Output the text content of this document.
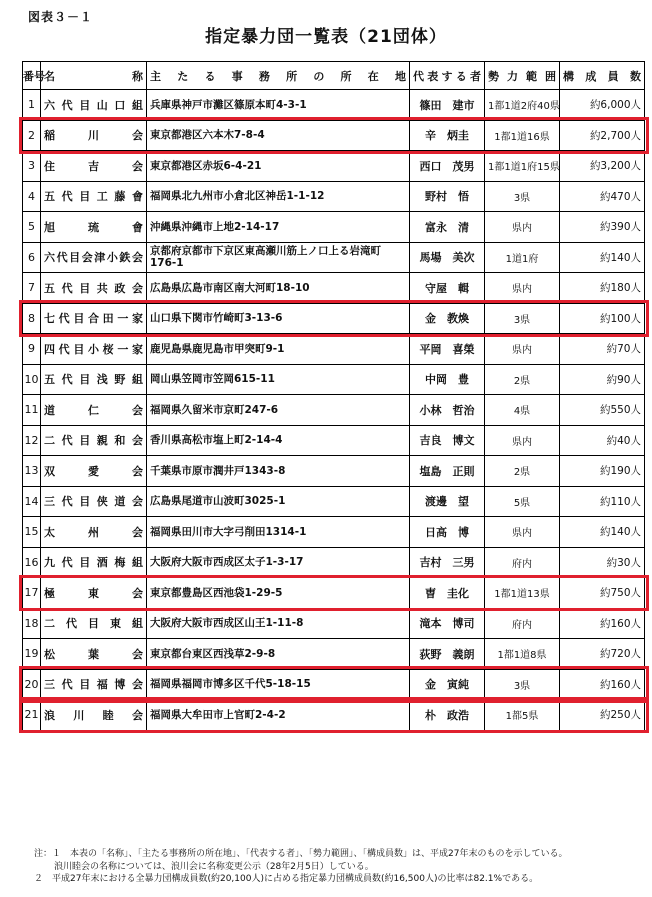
図表３－１
指定暴力団一覧表（21団体）
番号	名称	主たる事務所の所在地	代表する者	勢力範囲	構成員数
1	六代目山口組	兵庫県神戸市灘区篠原本町4-3-1	篠田　建市	1都1道2府40県	約6,000人
2	稲川会	東京都港区六本木7-8-4	辛　炳圭	1都1道16県	約2,700人
3	住吉会	東京都港区赤坂6-4-21	西口　茂男	1都1道1府15県	約3,200人
4	五代目工藤會	福岡県北九州市小倉北区神岳1-1-12	野村　悟	3県	約470人
5	旭琉會	沖縄県沖縄市上地2-14-17	富永　清	県内	約390人
6	六代目会津小鉄会	京都府京都市下京区東高瀬川筋上ノ口上る岩滝町176-1	馬場　美次	1道1府	約140人
7	五代目共政会	広島県広島市南区南大河町18-10	守屋　輯	県内	約180人
8	七代目合田一家	山口県下関市竹崎町3-13-6	金　教煥	3県	約100人
9	四代目小桜一家	鹿児島県鹿児島市甲突町9-1	平岡　喜榮	県内	約70人
10	五代目浅野組	岡山県笠岡市笠岡615-11	中岡　豊	2県	約90人
11	道仁会	福岡県久留米市京町247-6	小林　哲治	4県	約550人
12	二代目親和会	香川県高松市塩上町2-14-4	吉良　博文	県内	約40人
13	双愛会	千葉県市原市潤井戸1343-8	塩島　正則	2県	約190人
14	三代目侠道会	広島県尾道市山波町3025-1	渡邊　望	5県	約110人
15	太州会	福岡県田川市大字弓削田1314-1	日高　博	県内	約140人
16	九代目酒梅組	大阪府大阪市西成区太子1-3-17	吉村　三男	府内	約30人
17	極東会	東京都豊島区西池袋1-29-5	曺　圭化	1都1道13県	約750人
18	二代目東組	大阪府大阪市西成区山王1-11-8	滝本　博司	府内	約160人
19	松葉会	東京都台東区西浅草2-9-8	荻野　義朗	1都1道8県	約720人
20	三代目福博会	福岡県福岡市博多区千代5-18-15	金　寅純	3県	約160人
21	浪川睦会	福岡県大牟田市上官町2-4-2	朴　政浩	1都5県	約250人
注：１　本表の「名称」、「主たる事務所の所在地」、「代表する者」、「勢力範囲」、「構成員数」は、平成27年末のものを示している。
浪川睦会の名称については、浪川会に名称変更公示（28年2月5日）している。
２　平成27年末における全暴力団構成員数(約20,100人)に占める指定暴力団構成員数(約16,500人)の比率は82.1%である。
